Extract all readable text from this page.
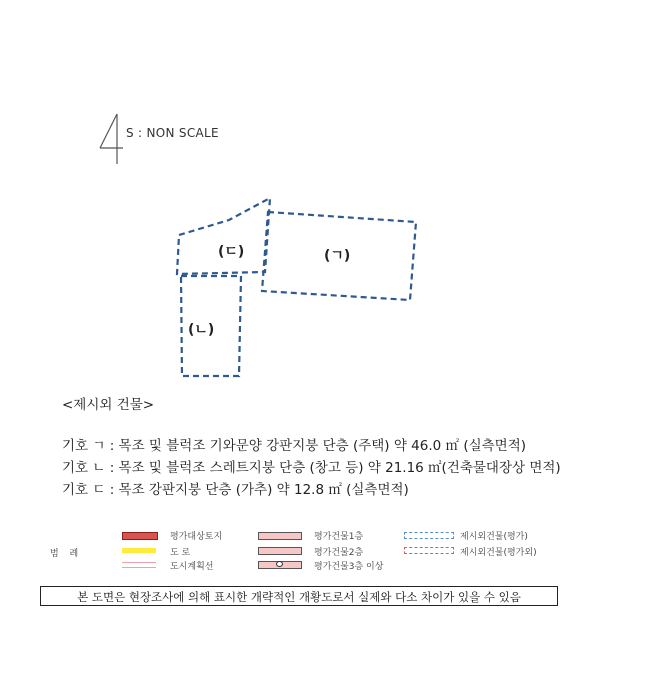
S : NON SCALE
(ㄷ)	(ㄱ)
(ㄴ)
<제시외 건물>
기호 ㄱ : 목조 및 블럭조 기와문양 강판지붕 단층 (주택) 약 46.0 ㎡ (실측면적)
기호 ㄴ : 목조 및 블럭조 스레트지붕 단층 (창고 등) 약 21.16 ㎡(건축물대장상 면적)
기호 ㄷ : 목조 강판지붕 단층 (가추) 약 12.8 ㎡ (실측면적)
범 례
평가대상토지
도 로
도시계획선
평가건물1층
평가건물2층
평가건물3층 이상
제시외건물(평가)
제시외건물(평가외)
본 도면은 현장조사에 의해 표시한 개략적인 개황도로서 실제와 다소 차이가 있을 수 있음
